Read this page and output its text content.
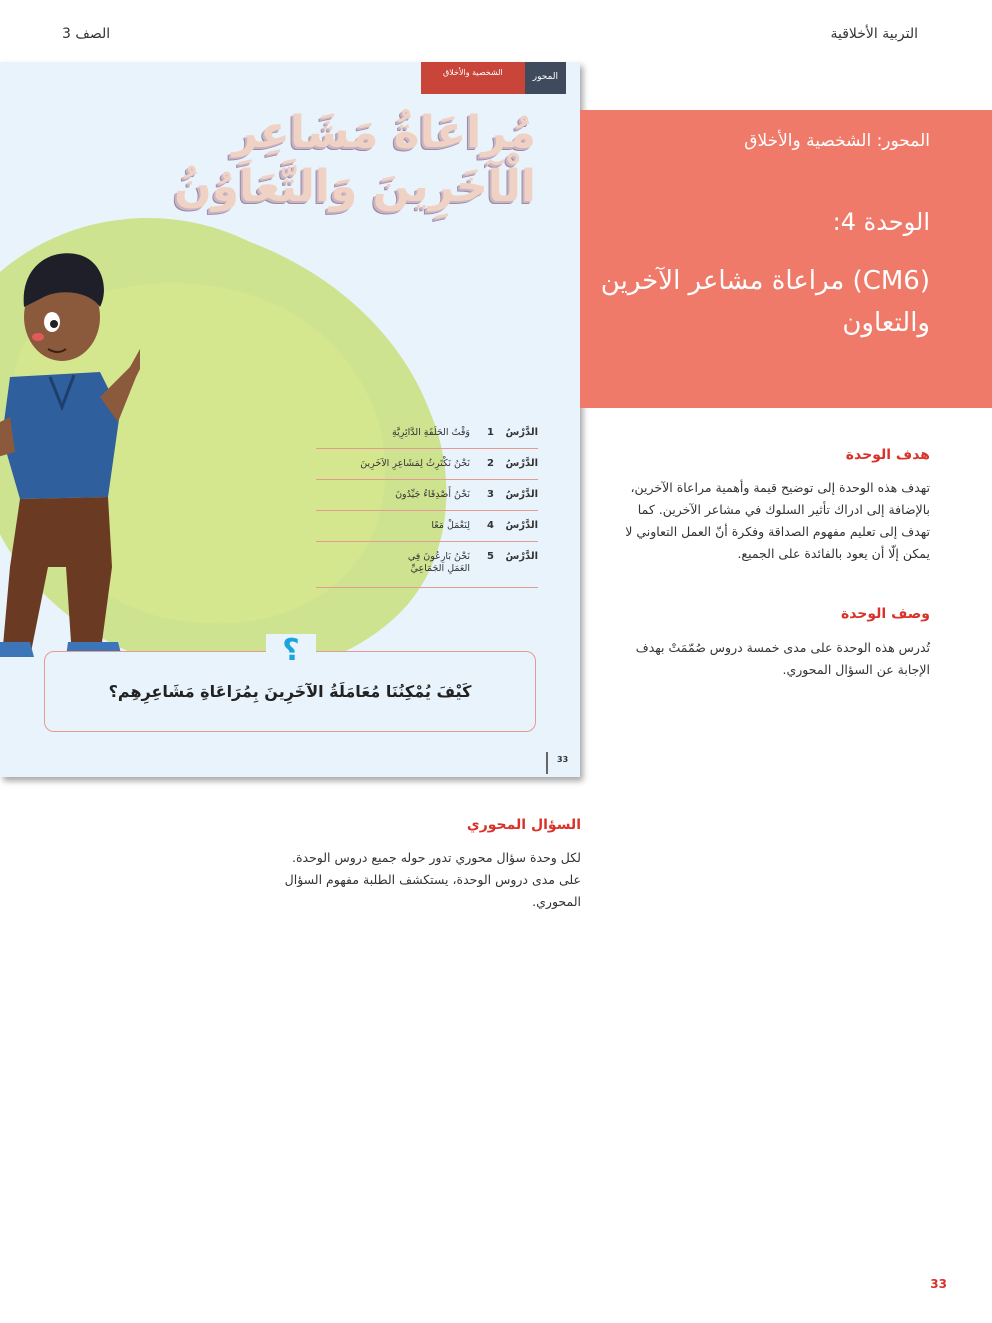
التربية الأخلاقية
الصف 3
المحور
الشخصية والأخلاق
مُراعَاةُ مَشَاعِرِ
الْآخَرِينَ وَالتَّعَاوُنُ
الدَّرْسُ
1
وَقْتُ الحَلَقَةِ الدَّائِرِيَّةِ
الدَّرْسُ
2
نَحْنُ نَكْتَرِثُ لِمَشَاعِرِ الآخَرِينَ
الدَّرْسُ
3
نَحْنُ أَصْدِقَاءُ جَيِّدُونَ
الدَّرْسُ
4
لِنَعْمَلْ مَعًا
الدَّرْسُ
5
نَحْنُ بَارِعُونَ فِي العَمَلِ الجَمَاعِيِّ
؟
كَيْفَ يُمْكِنُنَا مُعَامَلَةُ الآخَرِينَ بِمُرَاعَاةِ مَشَاعِرِهِم؟
33
المحور: الشخصية والأخلاق
الوحدة 4:
(CM6) مراعاة مشاعر الآخرين والتعاون
هدف الوحدة
تهدف هذه الوحدة إلى توضيح قيمة وأهمية مراعاة الآخرين، بالإضافة إلى ادراك تأثير السلوك في مشاعر الآخرين. كما تهدف إلى تعليم مفهوم الصداقة وفكرة أنّ العمل التعاوني لا يمكن إلّا أن يعود بالفائدة على الجميع.
وصف الوحدة
تُدرس هذه الوحدة على مدى خمسة دروس صُمّمَتْ بهدف الإجابة عن السؤال المحوري.
السؤال المحوري
لكل وحدة سؤال محوري تدور حوله جميع دروس الوحدة. على مدى دروس الوحدة، يستكشف الطلبة مفهوم السؤال المحوري.
33
